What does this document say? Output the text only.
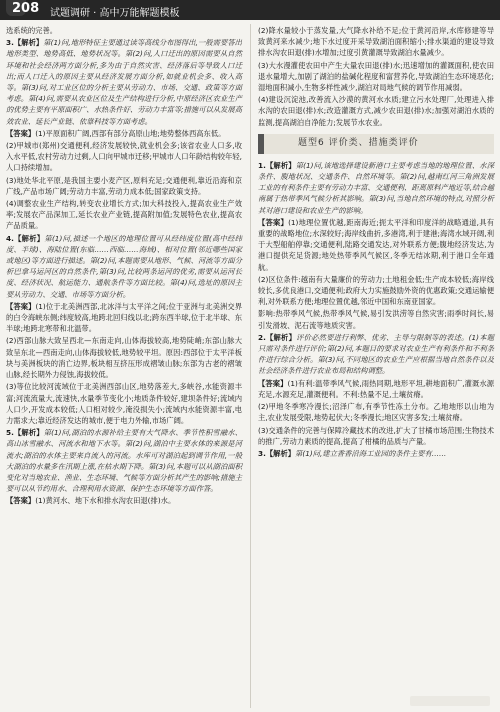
208 试题调研 · 高中万能解题模板

选系统的完善。

3.【解析】第(1)问,地形特征主要通过读等高线分布图得出,一般需要答出地形类型、地势高低、地势状况等。第(2)问,人口迁出的原因需要从自然环境和社会经济两方面分析,多为由于自然灾害、经济落后等导致人口迁出;而人口迁入的原因主要从经济发展方面分析,如就业机会多、收入高等。第(3)问,对工业区位的分析主要从劳动力、市场、交通、政策等方面考虑。第(4)问,需要从农业区位及生产结构进行分析,中原经济区农业生产的优势主要有平原面积广、水热条件好、劳动力丰富等;措施可以从发展高效农业、延长产业链、依靠科技等方面考虑。

【答案】(1)平原面积广阔,西部有部分高原山地;地势整体西高东低。

(2)甲城市(郑州)交通便利,经济发展较快,就业机会多;该省农业人口多,收入水平低,农村劳动力过剩,人口向甲城市迁移;甲城市人口年龄结构较年轻,人口持续增加。

(3)地处华北平原,是我国主要小麦产区,原料充足;交通便利,靠近沿海和京广线,产品市场广阔;劳动力丰富,劳动力成本低;国家政策支持。

(4)调整农业生产结构,转变农业增长方式;加大科技投入,提高农业生产效率;发展农产品深加工,延长农业产业链,提高附加值;发展特色农业,提高农产品质量。

4.【解析】第(1)问,描述一个地区的地理位置可从经纬度位置(高中经纬度、半球)、海陆位置(东临……西临……海域)、相对位置(邻近哪些国家或地区)等方面进行描述。第(2)问,本题需要从地形、气候、河流等方面分析巴拿马运河区的自然条件,第(3)问,比较两条运河的优劣,需要从运河长度、经济状况、航运能力、通航条件等方面比较。第(4)问,选址的原因主要从劳动力、交通、市场等方面分析。

【答案】(1)位于北美洲西部,北冰洋与太平洋之间;位于亚洲与北美洲交界的白令海峡东侧;纬度较高,地跨北回归线以北;跨东西半球,位于北半球、东半球;地跨北寒带和北温带。

(2)西部山脉大致呈西北—东南走向,山体海拔较高,地势陡峭;东部山脉大致呈东北—西南走向,山体海拔较低,地势较平坦。原因:西部位于太平洋板块与美洲板块的消亡边界,板块相互挤压形成褶皱山脉;东部为古老的褶皱山脉,经长期外力侵蚀,海拔较低。

(3)等位比较河流域位于北美洲西部山区,地势落差大,多峡谷,水能资源丰富;河流流量大,流速快,水量季节变化小;地质条件较好,建坝条件好;流域内人口少,开发成本较低;人口相对较少,淹没损失小;流域内水能资源丰富,电力需求大;靠近经济发达的城市,便于电力外输,市场广阔。

5.【解析】第(1)问,湖泊的水源补给主要有大气降水、季节性积雪融水、高山冰雪融水、河流水和地下水等。第(2)问,湖泊中主要水体的来源是河流水;湖泊的水体主要来自流入的河流。水库可对湖泊起到调节作用,一般大湖泊的水量多在汛期上涨,在枯水期下降。第(3)问,本题可以从湖泊面积变化对当地农业、渔业、生态环境、气候等方面分析其产生的影响;措施主要可以从节约用水、合理利用水资源、保护生态环境等方面作答。

【答案】(1)黄河水、地下水和排水沟农田退(排)水。

(2)降水量较小于蒸发量,大气降水补给不足;位于黄河沿岸,水库修建等导致黄河来水减少;地下水过度开采导致湖泊面积缩小;排水渠道的建设导致排水沟农田退(排)水增加;过度引黄灌溉导致湖泊水量减少。

(3)大水漫灌使农田中产生大量农田退(排)水;迅速增加的灌溉面积,使农田退水量增大,加剧了湖泊的盐碱化程度和富营养化,导致湖泊生态环境恶化;湿地面积减小,生物多样性减少,湖泊对局地气候的调节作用减弱。

(4)建设沉淀池,改善流入沙漠的黄河水水质;建立污水处理厂,处理进入排水沟的农田退(排)水;改造灌溉方式,减少农田退(排)水;加强对湖泊水质的监测,提高湖泊自净能力;发展节水农业。

题型6 评价类、措施类评价

1.【解析】第(1)问,该地选择建设新港口主要考虑当地的地理位置、水深条件、腹地状况、交通条件、自然环境等。第(2)问,越南红河三角洲发展工业的有利条件主要有劳动力丰富、交通便利、距离原料产地近等,结合越南属于热带季风气候分析其影响。第(3)问,当地自然环境的特点,对照分析其对港口建设和农业生产的影响。

【答案】(1)地理位置优越,距南海近;扼太平洋和印度洋的战略通道,具有重要的战略地位;水深较好;海岸线曲折,多港湾,利于建港;海湾水域开阔,利于大型船舶停靠;交通便利,陆路交通发达,对外联系方便;腹地经济发达,为港口提供充足货源;地处热带季风气候区,冬季无结冰期,利于港口全年通航。

(2)区位条件:越南有大量廉价的劳动力;土地租金低;生产成本较低;海岸线较长,多优良港口,交通便利;政府大力实施鼓励外资的优惠政策;交通运输便利,对外联系方便;地理位置优越,邻近中国和东南亚国家。

影响:热带季风气候,热带季风气候,易引发洪涝等自然灾害;雨季时间长,易引发滑坡、泥石流等地质灾害。

2.【解析】评价必然要进行利弊、优劣、主导与限制等的表述。(1)本题只需对条件进行评价;第(2)问,本题目的要求对农业生产有利条件和不利条件进行综合分析。第(3)问,不同地区的农业生产应根据当地自然条件以及社会经济条件进行农业布局和结构调整。

【答案】(1)有利:温带季风气候,雨热同期,地形平坦,耕地面积广,灌溉水源充足,水源充足,灌溉便利。不利:热量不足,土壤贫瘠。

(2)甲地冬季寒冷漫长;沼泽广布,有季节性冻土分布。乙地地形以山地为主,农业发展受限,地势起伏大;冬季漫长;地区灾害多发;土壤贫瘠。

(3)交通条件的完善与保障冷藏技术的改进,扩大了甘橘市场范围;生物技术的推广,劳动力素质的提高,提高了柑橘的品质与产量。

3.【解析】第(1)问,建立香香沿海工业园的条件主要有……
